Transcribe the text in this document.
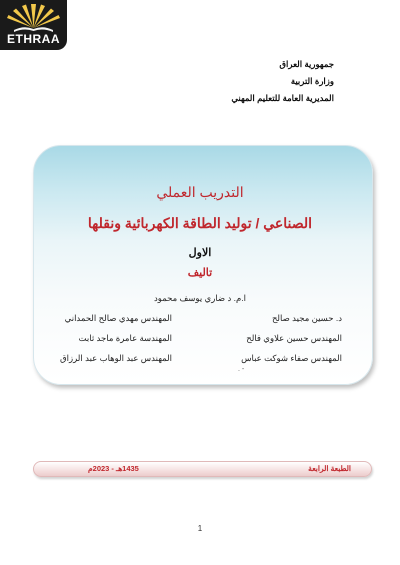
ETHRAA
جمهورية العراق
وزارة التربية
المديرية العامة للتعليم المهني
التدريب العملي
الصناعي / توليد الطاقة الكهربائية ونقلها
الاول
تاليف
ا.م. د ضاري يوسف محمود
د. حسين مجيد صالح
المهندس مهدي صالح الحمداني
المهندس حسين علاوي فالح
المهندسة عامرة ماجد ثابت
المهندس صفاء شوكت عباس
المهندس عبد الوهاب عبد الرزاق
. -
الطبعة الرابعة
1435هـ - 2023م
1
